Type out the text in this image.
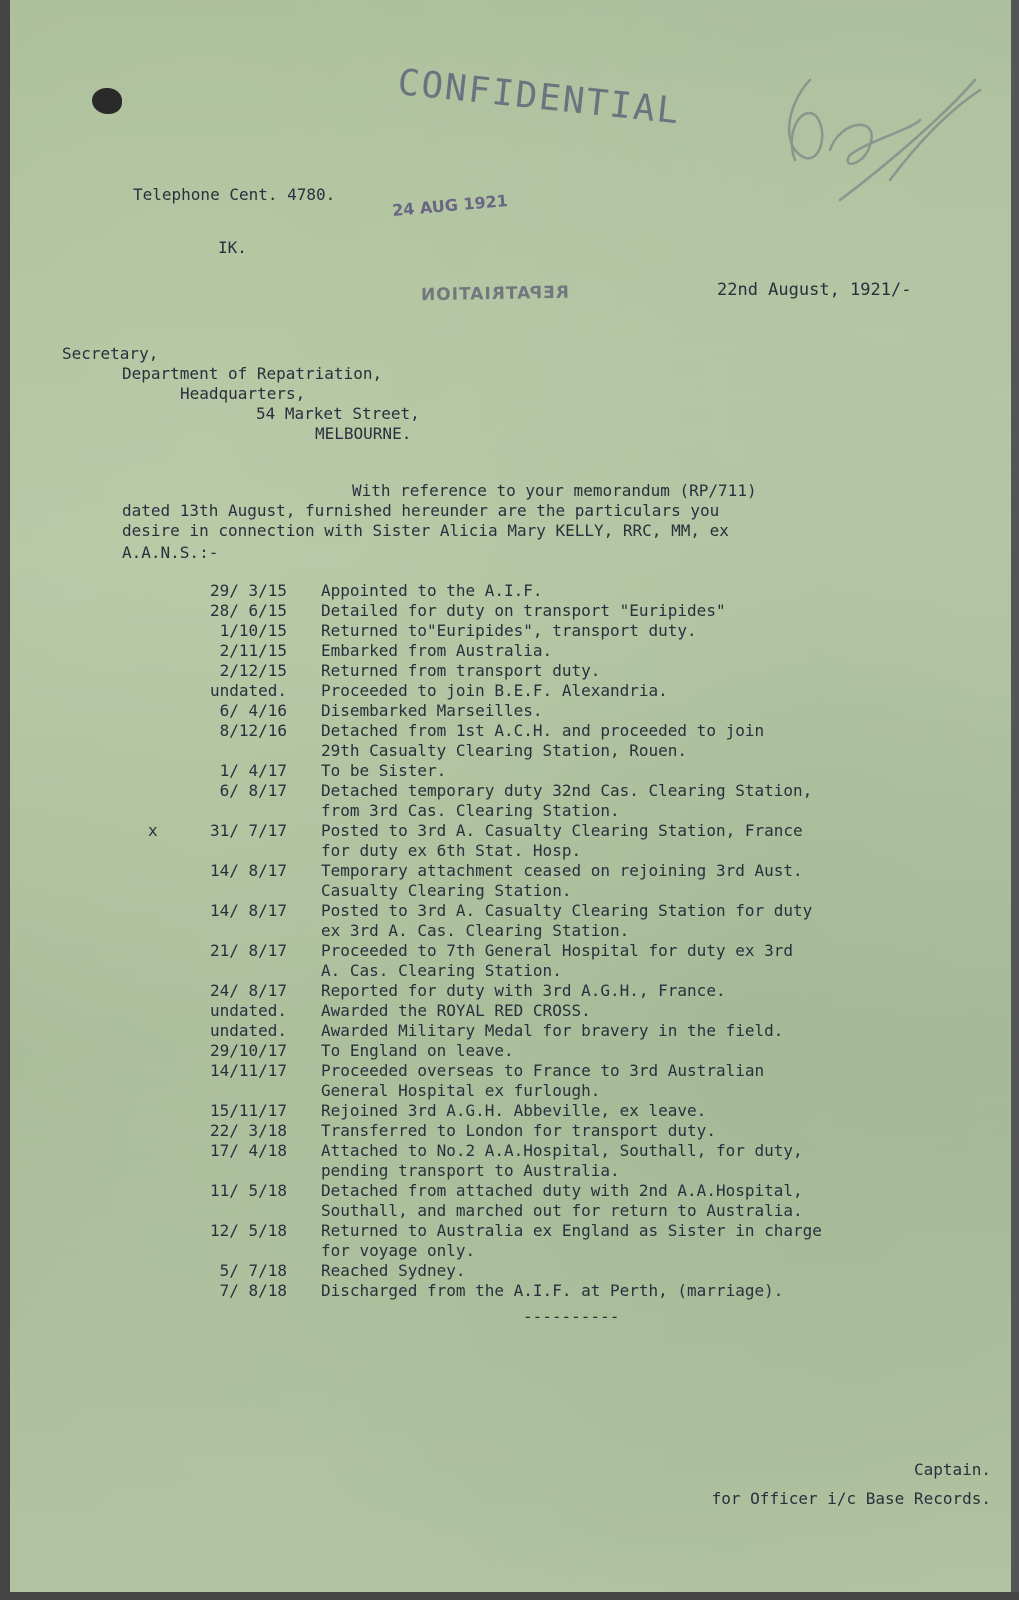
CONFIDENTIAL
Telephone Cent. 4780.	24 AUG 1921
IK.
REPATRIATION	22nd August, 1921/-
Secretary,
Department of Repatriation,
Headquarters,
54 Market Street,
MELBOURNE.
With reference to your memorandum (RP/711)
dated 13th August, furnished hereunder are the particulars you
desire in connection with Sister Alicia Mary KELLY, RRC, MM, ex
A.A.N.S.:-
29/ 3/15 Appointed to the A.I.F.
28/ 6/15 Detailed for duty on transport "Euripides"
1/10/15 Returned to"Euripides", transport duty.
2/11/15 Embarked from Australia.
2/12/15 Returned from transport duty.
undated. Proceeded to join B.E.F. Alexandria.
6/ 4/16 Disembarked Marseilles.
8/12/16 Detached from 1st A.C.H. and proceeded to join
29th Casualty Clearing Station, Rouen.
1/ 4/17 To be Sister.
6/ 8/17 Detached temporary duty 32nd Cas. Clearing Station,
from 3rd Cas. Clearing Station.
x	31/ 7/17 Posted to 3rd A. Casualty Clearing Station, France
for duty ex 6th Stat. Hosp.
14/ 8/17 Temporary attachment ceased on rejoining 3rd Aust.
Casualty Clearing Station.
14/ 8/17 Posted to 3rd A. Casualty Clearing Station for duty
ex 3rd A. Cas. Clearing Station.
21/ 8/17 Proceeded to 7th General Hospital for duty ex 3rd
A. Cas. Clearing Station.
24/ 8/17 Reported for duty with 3rd A.G.H., France.
undated. Awarded the ROYAL RED CROSS.
undated. Awarded Military Medal for bravery in the field.
29/10/17 To England on leave.
14/11/17 Proceeded overseas to France to 3rd Australian
General Hospital ex furlough.
15/11/17 Rejoined 3rd A.G.H. Abbeville, ex leave.
22/ 3/18 Transferred to London for transport duty.
17/ 4/18 Attached to No.2 A.A.Hospital, Southall, for duty,
pending transport to Australia.
11/ 5/18 Detached from attached duty with 2nd A.A.Hospital,
Southall, and marched out for return to Australia.
12/ 5/18 Returned to Australia ex England as Sister in charge
for voyage only.
5/ 7/18 Reached Sydney.
7/ 8/18 Discharged from the A.I.F. at Perth, (marriage).
----------
Captain.
for Officer i/c Base Records.
